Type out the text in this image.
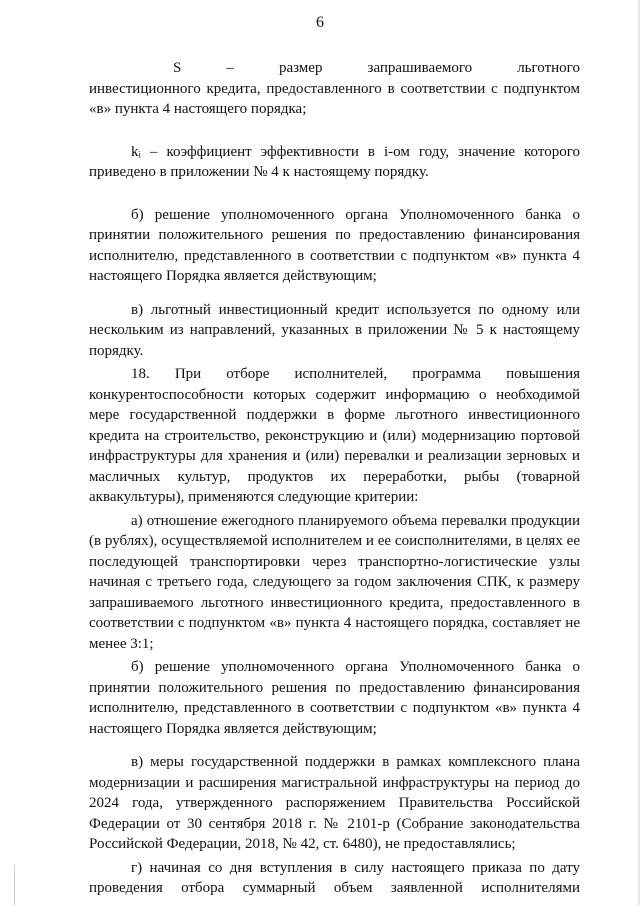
6
S	–	размер	запрашиваемого	льготного

инвестиционного кредита, предоставленного в соответствии с подпунктом «в» пункта 4 настоящего порядка;

kᵢ – коэффициент эффективности в i-ом году, значение которого приведено в приложении № 4 к настоящему порядку.

б) решение уполномоченного органа Уполномоченного банка о принятии положительного решения по предоставлению финансирования исполнителю, представленного в соответствии с подпунктом «в» пункта 4 настоящего Порядка является действующим;

в) льготный инвестиционный кредит используется по одному или нескольким из направлений, указанных в приложении № 5 к настоящему порядку.

18. При отборе исполнителей, программа повышения конкурентоспособности которых содержит информацию о необходимой мере государственной поддержки в форме льготного инвестиционного кредита на строительство, реконструкцию и (или) модернизацию портовой инфраструктуры для хранения и (или) перевалки и реализации зерновых и масличных культур, продуктов их переработки, рыбы (товарной аквакультуры), применяются следующие критерии:

а) отношение ежегодного планируемого объема перевалки продукции (в рублях), осуществляемой исполнителем и ее соисполнителями, в целях ее последующей транспортировки через транспортно-логистические узлы начиная с третьего года, следующего за годом заключения СПК, к размеру запрашиваемого льготного инвестиционного кредита, предоставленного в соответствии с подпунктом «в» пункта 4 настоящего порядка, составляет не менее 3:1;

б) решение уполномоченного органа Уполномоченного банка о принятии положительного решения по предоставлению финансирования исполнителю, представленного в соответствии с подпунктом «в» пункта 4 настоящего Порядка является действующим;

в) меры государственной поддержки в рамках комплексного плана модернизации и расширения магистральной инфраструктуры на период до 2024 года, утвержденного распоряжением Правительства Российской Федерации от 30 сентября 2018 г. № 2101-р (Собрание законодательства Российской Федерации, 2018, № 42, ст. 6480), не предоставлялись;

г) начиная со дня вступления в силу настоящего приказа по дату проведения отбора суммарный объем заявленной исполнителями
